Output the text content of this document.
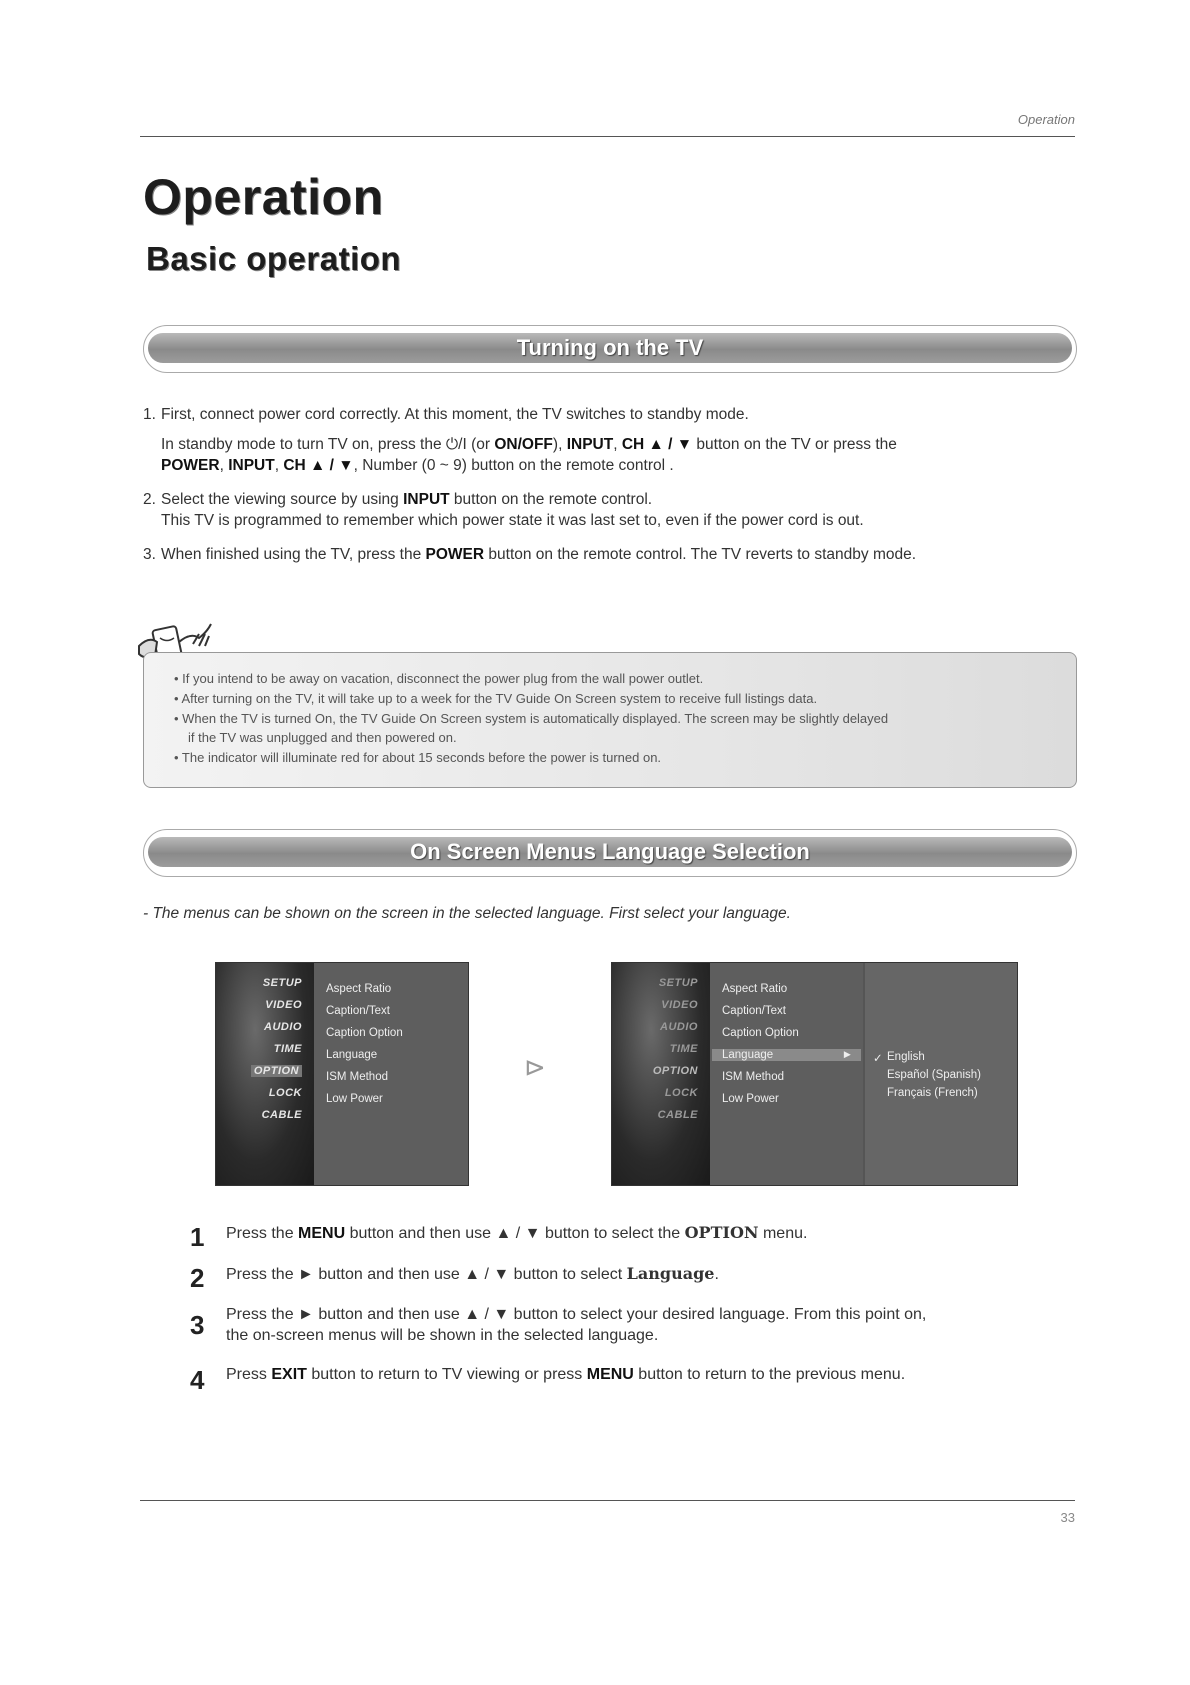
Operation
Operation
Basic operation
Turning on the TV
1. First, connect power cord correctly. At this moment, the TV switches to standby mode.
In standby mode to turn TV on, press the ⏻/I (or ON/OFF), INPUT, CH ▲ / ▼ button on the TV or press the
POWER, INPUT, CH ▲ / ▼, Number (0 ~ 9) button on the remote control .
2. Select the viewing source by using INPUT button on the remote control.
This TV is programmed to remember which power state it was last set to, even if the power cord is out.
3. When finished using the TV, press the POWER button on the remote control. The TV reverts to standby mode.
• If you intend to be away on vacation, disconnect the power plug from the wall power outlet.
• After turning on the TV, it will take up to a week for the TV Guide On Screen system to receive full listings data.
• When the TV is turned On, the TV Guide On Screen system is automatically displayed. The screen may be slightly delayed
if the TV was unplugged and then powered on.
• The indicator will illuminate red for about 15 seconds before the power is turned on.
On Screen Menus Language Selection
- The menus can be shown on the screen in the selected language. First select your language.
SETUP
VIDEO
AUDIO
TIME
OPTION
LOCK
CABLE
Aspect Ratio
Caption/Text
Caption Option
Language
ISM Method
Low Power
⊳
SETUP
VIDEO
AUDIO
TIME
OPTION
LOCK
CABLE
Aspect Ratio
Caption/Text
Caption Option
Language	►
ISM Method
Low Power
✓ English
Español (Spanish)
Français (French)
1 Press the MENU button and then use ▲ / ▼ button to select the OPTION menu.
2 Press the ► button and then use ▲ / ▼ button to select Language.
3 Press the ► button and then use ▲ / ▼ button to select your desired language. From this point on, the on-screen menus will be shown in the selected language.
4 Press EXIT button to return to TV viewing or press MENU button to return to the previous menu.
33
